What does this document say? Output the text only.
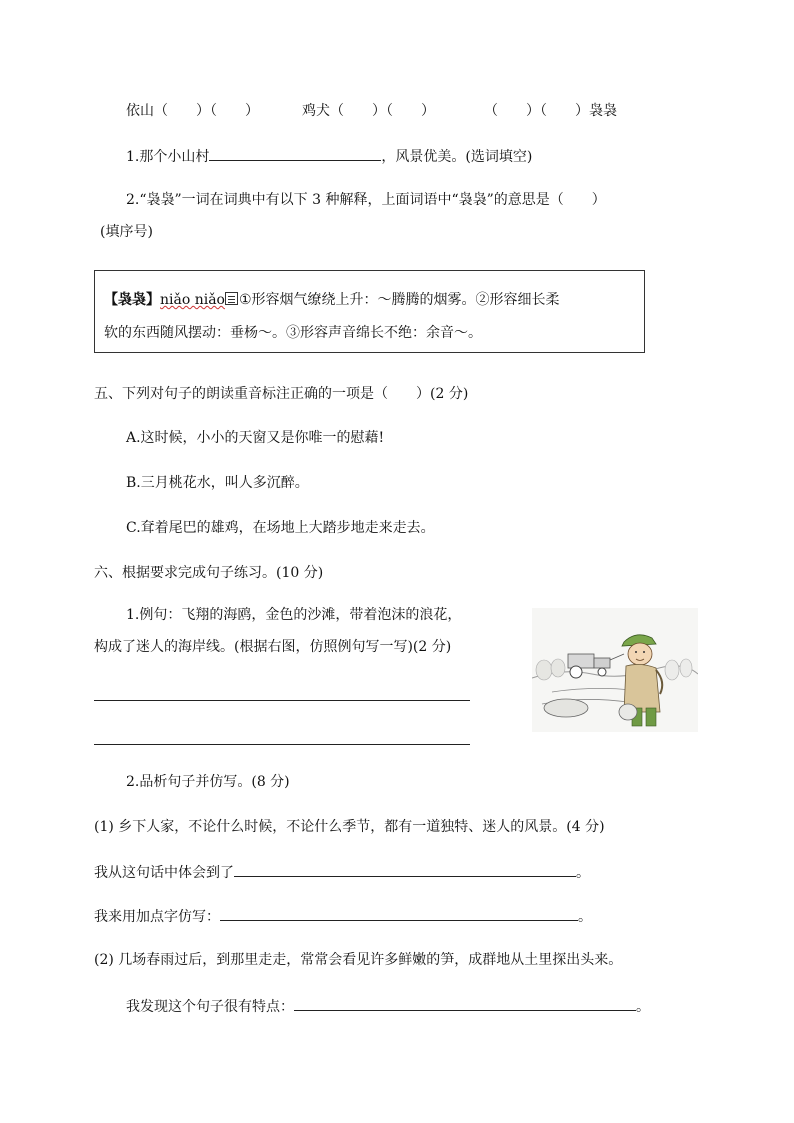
依山（　　）（　　）	鸡犬（　　）（　　）	（　　）（　　）袅袅
1.那个小山村	，风景优美。(选词填空)
2.“袅袅”一词在词典中有以下 3 种解释，上面词语中“袅袅”的意思是（　　）
(填序号)
【袅袅】niǎo niǎo ①形容烟气缭绕上升：～腾腾的烟雾。②形容细长柔
软的东西随风摆动：垂杨～。③形容声音绵长不绝：余音～。
五、下列对句子的朗读重音标注正确的一项是（　　）(2 分)
A.这时候，小小的天窗又是你唯一的慰藉!
B.三月桃花水，叫人多沉醉。
C.耷着尾巴的雄鸡，在场地上大踏步地走来走去。
六、根据要求完成句子练习。(10 分)
1.例句：飞翔的海鸥，金色的沙滩，带着泡沫的浪花，
构成了迷人的海岸线。(根据右图，仿照例句写一写)(2 分)
2.品析句子并仿写。(8 分)
(1) 乡下人家，不论什么时候，不论什么季节，都有一道独特、迷人的风景。(4 分)
我从这句话中体会到了	。
我来用加点字仿写：	。
(2) 几场春雨过后，到那里走走，常常会看见许多鲜嫩的笋，成群地从土里探出头来。
我发现这个句子很有特点：	。
